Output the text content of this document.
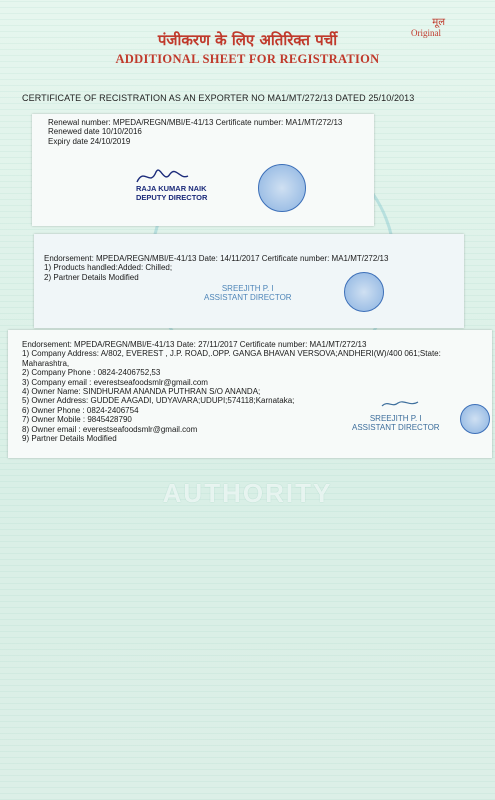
AUTHORITY
मूल
Original
पंजीकरण के लिए अतिरिक्त पर्ची
ADDITIONAL SHEET FOR REGISTRATION
CERTIFICATE OF RECISTRATION AS AN EXPORTER NO MA1/MT/272/13 DATED 25/10/2013
Renewal number: MPEDA/REGN/MBI/E-41/13 Certificate number: MA1/MT/272/13
Renewed date 10/10/2016
Expiry date 24/10/2019
RAJA KUMAR NAIK
DEPUTY DIRECTOR
Endorsement: MPEDA/REGN/MBI/E-41/13 Date: 14/11/2017 Certificate number: MA1/MT/272/13
1) Products handled:Added: Chilled;
2) Partner Details Modified
SREEJITH P. I
ASSISTANT DIRECTOR
Endorsement: MPEDA/REGN/MBI/E-41/13 Date: 27/11/2017 Certificate number: MA1/MT/272/13
1) Company Address: A/802, EVEREST , J.P. ROAD,.OPP. GANGA BHAVAN VERSOVA;ANDHERI(W)/400 061;State:
Maharashtra,
2) Company Phone : 0824-2406752,53
3) Company email : everestseafoodsmlr@gmail.com
4) Owner Name: SINDHURAM ANANDA PUTHRAN S/O ANANDA;
5) Owner Address: GUDDE AAGADI, UDYAVARA;UDUPI;574118;Karnataka;
6) Owner Phone : 0824-2406754
7) Owner Mobile : 9845428790
8) Owner email : everestseafoodsmlr@gmail.com
9) Partner Details Modified
SREEJITH P. I
ASSISTANT DIRECTOR
